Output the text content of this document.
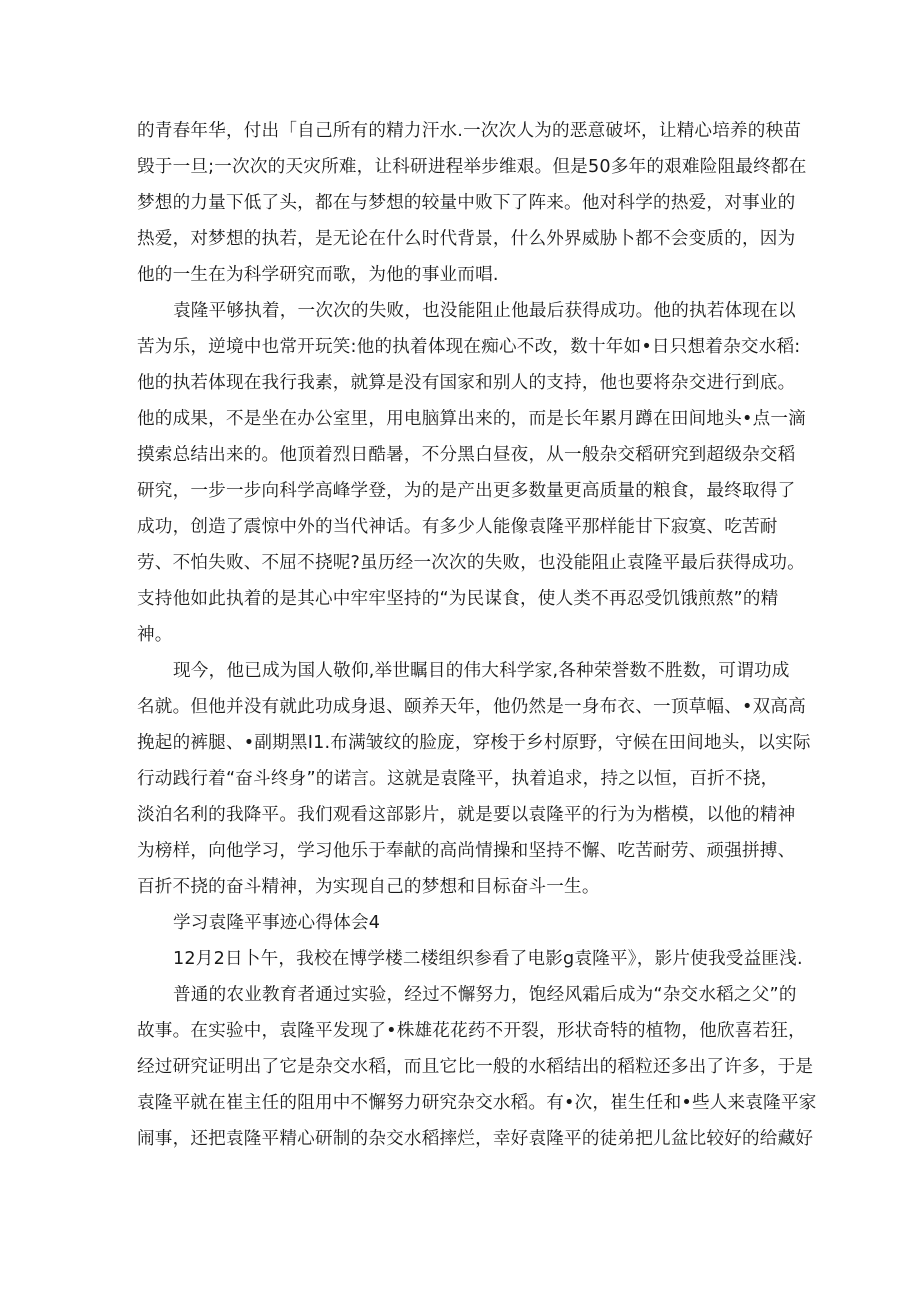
的青春年华，付出「自己所有的精力汗水.一次次人为的恶意破坏，让精心培养的秧苗
毁于一旦;一次次的天灾所难，让科研进程举步维艰。但是50多年的艰难险阻最终都在
梦想的力量下低了头，都在与梦想的较量中败下了阵来。他对科学的热爱，对事业的
热爱，对梦想的执若，是无论在什么时代背景，什么外界威胁卜都不会变质的，因为
他的一生在为科学研究而歌，为他的事业而唱.
袁隆平够执着，一次次的失败，也没能阻止他最后获得成功。他的执若体现在以
苦为乐，逆境中也常开玩笑:他的执着体现在痴心不改，数十年如•日只想着杂交水稻:
他的执若体现在我行我素，就算是没有国家和别人的支持，他也要将杂交进行到底。
他的成果，不是坐在办公室里，用电脑算出来的，而是长年累月蹲在田间地头•点一滴
摸索总结出来的。他顶着烈日酷暑，不分黑白昼夜，从一般杂交稻研究到超级杂交稻
研究，一步一步向科学高峰学登，为的是产出更多数量更高质量的粮食，最终取得了
成功，创造了震惊中外的当代神话。有多少人能像袁隆平那样能甘下寂寞、吃苦耐
劳、不怕失败、不屈不挠呢?虽历经一次次的失败，也没能阻止袁隆平最后获得成功。
支持他如此执着的是其心中牢牢坚持的“为民谋食，使人类不再忍受饥饿煎熬”的精
神。
现今，他已成为国人敬仰,举世瞩目的伟大科学家,各种荣誉数不胜数，可谓功成
名就。但他并没有就此功成身退、颐养天年，他仍然是一身布衣、一顶草幅、•双高高
挽起的裤腿、•副期黑I1.布满皱纹的脸庞，穿梭于乡村原野，守候在田间地头，以实际
行动践行着“奋斗终身”的诺言。这就是袁隆平，执着追求，持之以恒，百折不挠，
淡泊名利的我降平。我们观看这部影片，就是要以袁隆平的行为为楷模，以他的精神
为榜样，向他学习，学习他乐于奉献的高尚情操和坚持不懈、吃苦耐劳、顽强拼搏、
百折不挠的奋斗精神，为实现自己的梦想和目标奋斗一生。
学习袁隆平事迹心得体会4
12月2日卜午，我校在博学楼二楼组织参看了电影g袁隆平》，影片使我受益匪浅.
普通的农业教育者通过实验，经过不懈努力，饱经风霜后成为“杂交水稻之父”的
故事。在实验中，袁隆平发现了•株雄花花药不开裂，形状奇特的植物，他欣喜若狂，
经过研究证明出了它是杂交水稻，而且它比一般的水稻结出的稻粒还多出了许多，于是
袁隆平就在崔主任的阻用中不懈努力研究杂交水稻。有•次，崔生任和•些人来袁隆平家
闹事，还把袁隆平精心研制的杂交水稻摔烂，幸好袁隆平的徒弟把儿盆比较好的给藏好
